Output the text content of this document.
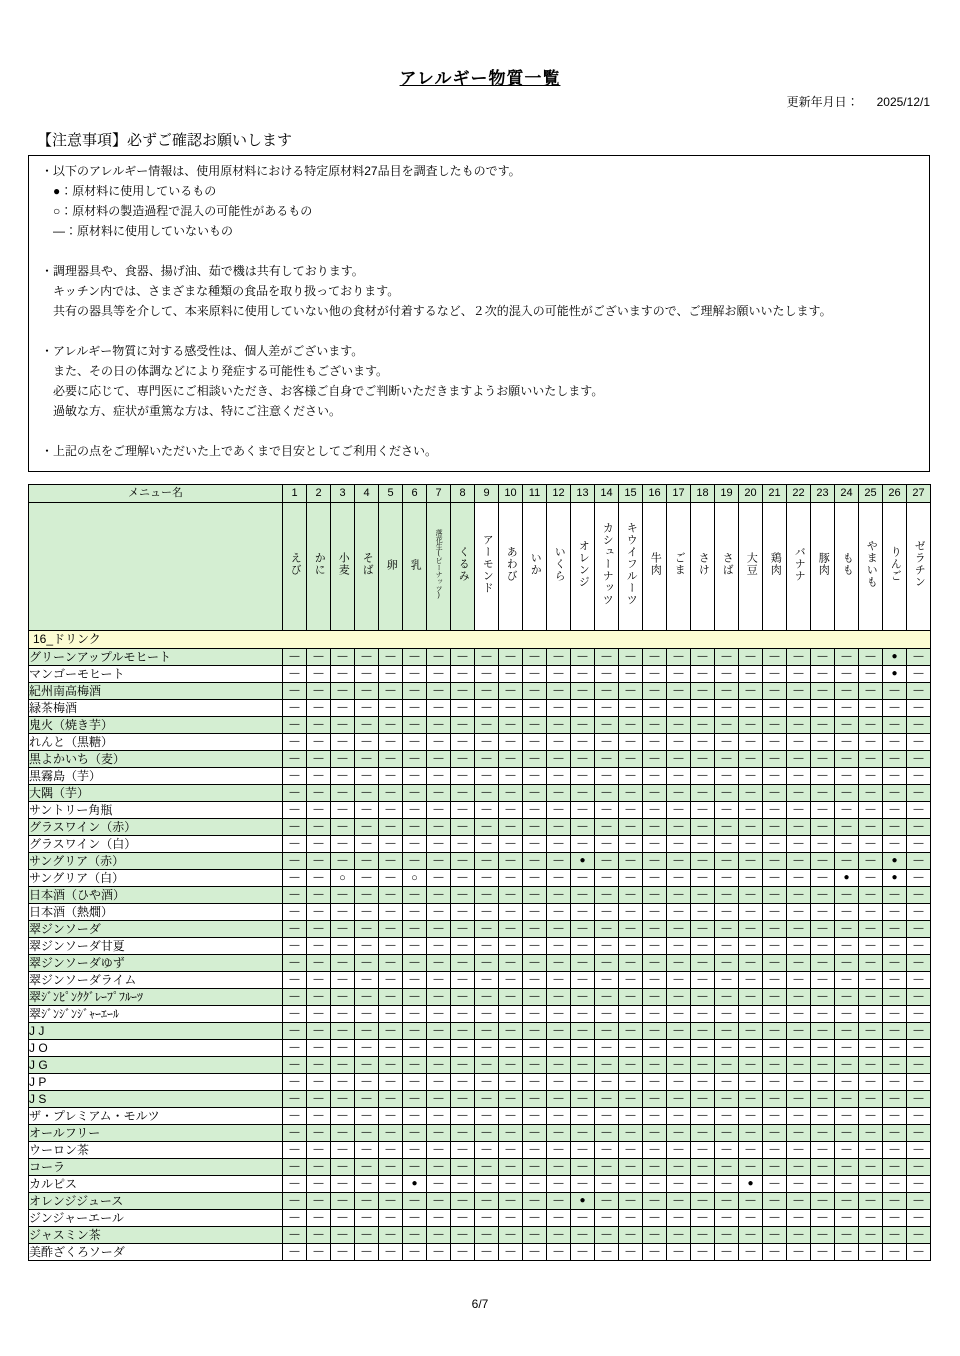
アレルギー物質一覧
更新年月日： 2025/12/1
【注意事項】必ずご確認お願いします
・以下のアレルギー情報は、使用原材料における特定原材料27品目を調査したものです。
　●：原材料に使用しているもの
　○：原材料の製造過程で混入の可能性があるもの
　―：原材料に使用していないもの
・調理器具や、食器、揚げ油、茹で機は共有しております。
　キッチン内では、さまざまな種類の食品を取り扱っております。
　共有の器具等を介して、本来原料に使用していない他の食材が付着するなど、２次的混入の可能性がございますので、ご理解お願いいたします。
・アレルギー物質に対する感受性は、個人差がございます。
　また、その日の体調などにより発症する可能性もございます。
　必要に応じて、専門医にご相談いただき、お客様ご自身でご判断いただきますようお願いいたします。
　過敏な方、症状が重篤な方は、特にご注意ください。
・上記の点をご理解いただいた上であくまで目安としてご利用ください。
メニュー名	1	2	3	4	5	6	7	8	9	10	11	12	13	14	15	16	17	18	19	20	21	22	23	24	25	26	27
	えび	かに	小麦	そば	卵	乳	落花生(ピーナッツ)	くるみ	アーモンド	あわび	いか	いくら	オレンジ	カシューナッツ	キウイフルーツ	牛肉	ごま	さけ	さば	大豆	鶏肉	バナナ	豚肉	もも	やまいも	りんご	ゼラチン
16_ドリンク																											
グリーンアップルモヒート	―	―	―	―	―	―	―	―	―	―	―	―	―	―	―	―	―	―	―	―	―	―	―	―	―	●	―
マンゴーモヒート	―	―	―	―	―	―	―	―	―	―	―	―	―	―	―	―	―	―	―	―	―	―	―	―	―	●	―
紀州南高梅酒	―	―	―	―	―	―	―	―	―	―	―	―	―	―	―	―	―	―	―	―	―	―	―	―	―	―	―
緑茶梅酒	―	―	―	―	―	―	―	―	―	―	―	―	―	―	―	―	―	―	―	―	―	―	―	―	―	―	―
鬼火（焼き芋）	―	―	―	―	―	―	―	―	―	―	―	―	―	―	―	―	―	―	―	―	―	―	―	―	―	―	―
れんと（黒糖）	―	―	―	―	―	―	―	―	―	―	―	―	―	―	―	―	―	―	―	―	―	―	―	―	―	―	―
黒よかいち（麦）	―	―	―	―	―	―	―	―	―	―	―	―	―	―	―	―	―	―	―	―	―	―	―	―	―	―	―
黒霧島（芋）	―	―	―	―	―	―	―	―	―	―	―	―	―	―	―	―	―	―	―	―	―	―	―	―	―	―	―
大隅（芋）	―	―	―	―	―	―	―	―	―	―	―	―	―	―	―	―	―	―	―	―	―	―	―	―	―	―	―
サントリー角瓶	―	―	―	―	―	―	―	―	―	―	―	―	―	―	―	―	―	―	―	―	―	―	―	―	―	―	―
グラスワイン（赤）	―	―	―	―	―	―	―	―	―	―	―	―	―	―	―	―	―	―	―	―	―	―	―	―	―	―	―
グラスワイン（白）	―	―	―	―	―	―	―	―	―	―	―	―	―	―	―	―	―	―	―	―	―	―	―	―	―	―	―
サングリア（赤）	―	―	―	―	―	―	―	―	―	―	―	―	●	―	―	―	―	―	―	―	―	―	―	―	―	●	―
サングリア（白）	―	―	○	―	―	○	―	―	―	―	―	―	―	―	―	―	―	―	―	―	―	―	―	●	―	●	―
日本酒（ひや酒）	―	―	―	―	―	―	―	―	―	―	―	―	―	―	―	―	―	―	―	―	―	―	―	―	―	―	―
日本酒（熱燗）	―	―	―	―	―	―	―	―	―	―	―	―	―	―	―	―	―	―	―	―	―	―	―	―	―	―	―
翠ジンソーダ	―	―	―	―	―	―	―	―	―	―	―	―	―	―	―	―	―	―	―	―	―	―	―	―	―	―	―
翠ジンソーダ甘夏	―	―	―	―	―	―	―	―	―	―	―	―	―	―	―	―	―	―	―	―	―	―	―	―	―	―	―
翠ジンソーダゆず	―	―	―	―	―	―	―	―	―	―	―	―	―	―	―	―	―	―	―	―	―	―	―	―	―	―	―
翠ジンソーダライム	―	―	―	―	―	―	―	―	―	―	―	―	―	―	―	―	―	―	―	―	―	―	―	―	―	―	―
翠ｼﾞﾝﾋﾟﾝｸｸﾞﾚｰﾌﾟﾌﾙｰﾂ	―	―	―	―	―	―	―	―	―	―	―	―	―	―	―	―	―	―	―	―	―	―	―	―	―	―	―
翠ｼﾞﾝｼﾞﾝｼﾞｬｰｴｰﾙ	―	―	―	―	―	―	―	―	―	―	―	―	―	―	―	―	―	―	―	―	―	―	―	―	―	―	―
J J	―	―	―	―	―	―	―	―	―	―	―	―	―	―	―	―	―	―	―	―	―	―	―	―	―	―	―
J O	―	―	―	―	―	―	―	―	―	―	―	―	―	―	―	―	―	―	―	―	―	―	―	―	―	―	―
J G	―	―	―	―	―	―	―	―	―	―	―	―	―	―	―	―	―	―	―	―	―	―	―	―	―	―	―
J P	―	―	―	―	―	―	―	―	―	―	―	―	―	―	―	―	―	―	―	―	―	―	―	―	―	―	―
J S	―	―	―	―	―	―	―	―	―	―	―	―	―	―	―	―	―	―	―	―	―	―	―	―	―	―	―
ザ・プレミアム・モルツ	―	―	―	―	―	―	―	―	―	―	―	―	―	―	―	―	―	―	―	―	―	―	―	―	―	―	―
オールフリー	―	―	―	―	―	―	―	―	―	―	―	―	―	―	―	―	―	―	―	―	―	―	―	―	―	―	―
ウーロン茶	―	―	―	―	―	―	―	―	―	―	―	―	―	―	―	―	―	―	―	―	―	―	―	―	―	―	―
コーラ	―	―	―	―	―	―	―	―	―	―	―	―	―	―	―	―	―	―	―	―	―	―	―	―	―	―	―
カルピス	―	―	―	―	―	●	―	―	―	―	―	―	―	―	―	―	―	―	―	●	―	―	―	―	―	―	―
オレンジジュース	―	―	―	―	―	―	―	―	―	―	―	―	●	―	―	―	―	―	―	―	―	―	―	―	―	―	―
ジンジャーエール	―	―	―	―	―	―	―	―	―	―	―	―	―	―	―	―	―	―	―	―	―	―	―	―	―	―	―
ジャスミン茶	―	―	―	―	―	―	―	―	―	―	―	―	―	―	―	―	―	―	―	―	―	―	―	―	―	―	―
美酢ざくろソーダ	―	―	―	―	―	―	―	―	―	―	―	―	―	―	―	―	―	―	―	―	―	―	―	―	―	―	―
6/7
